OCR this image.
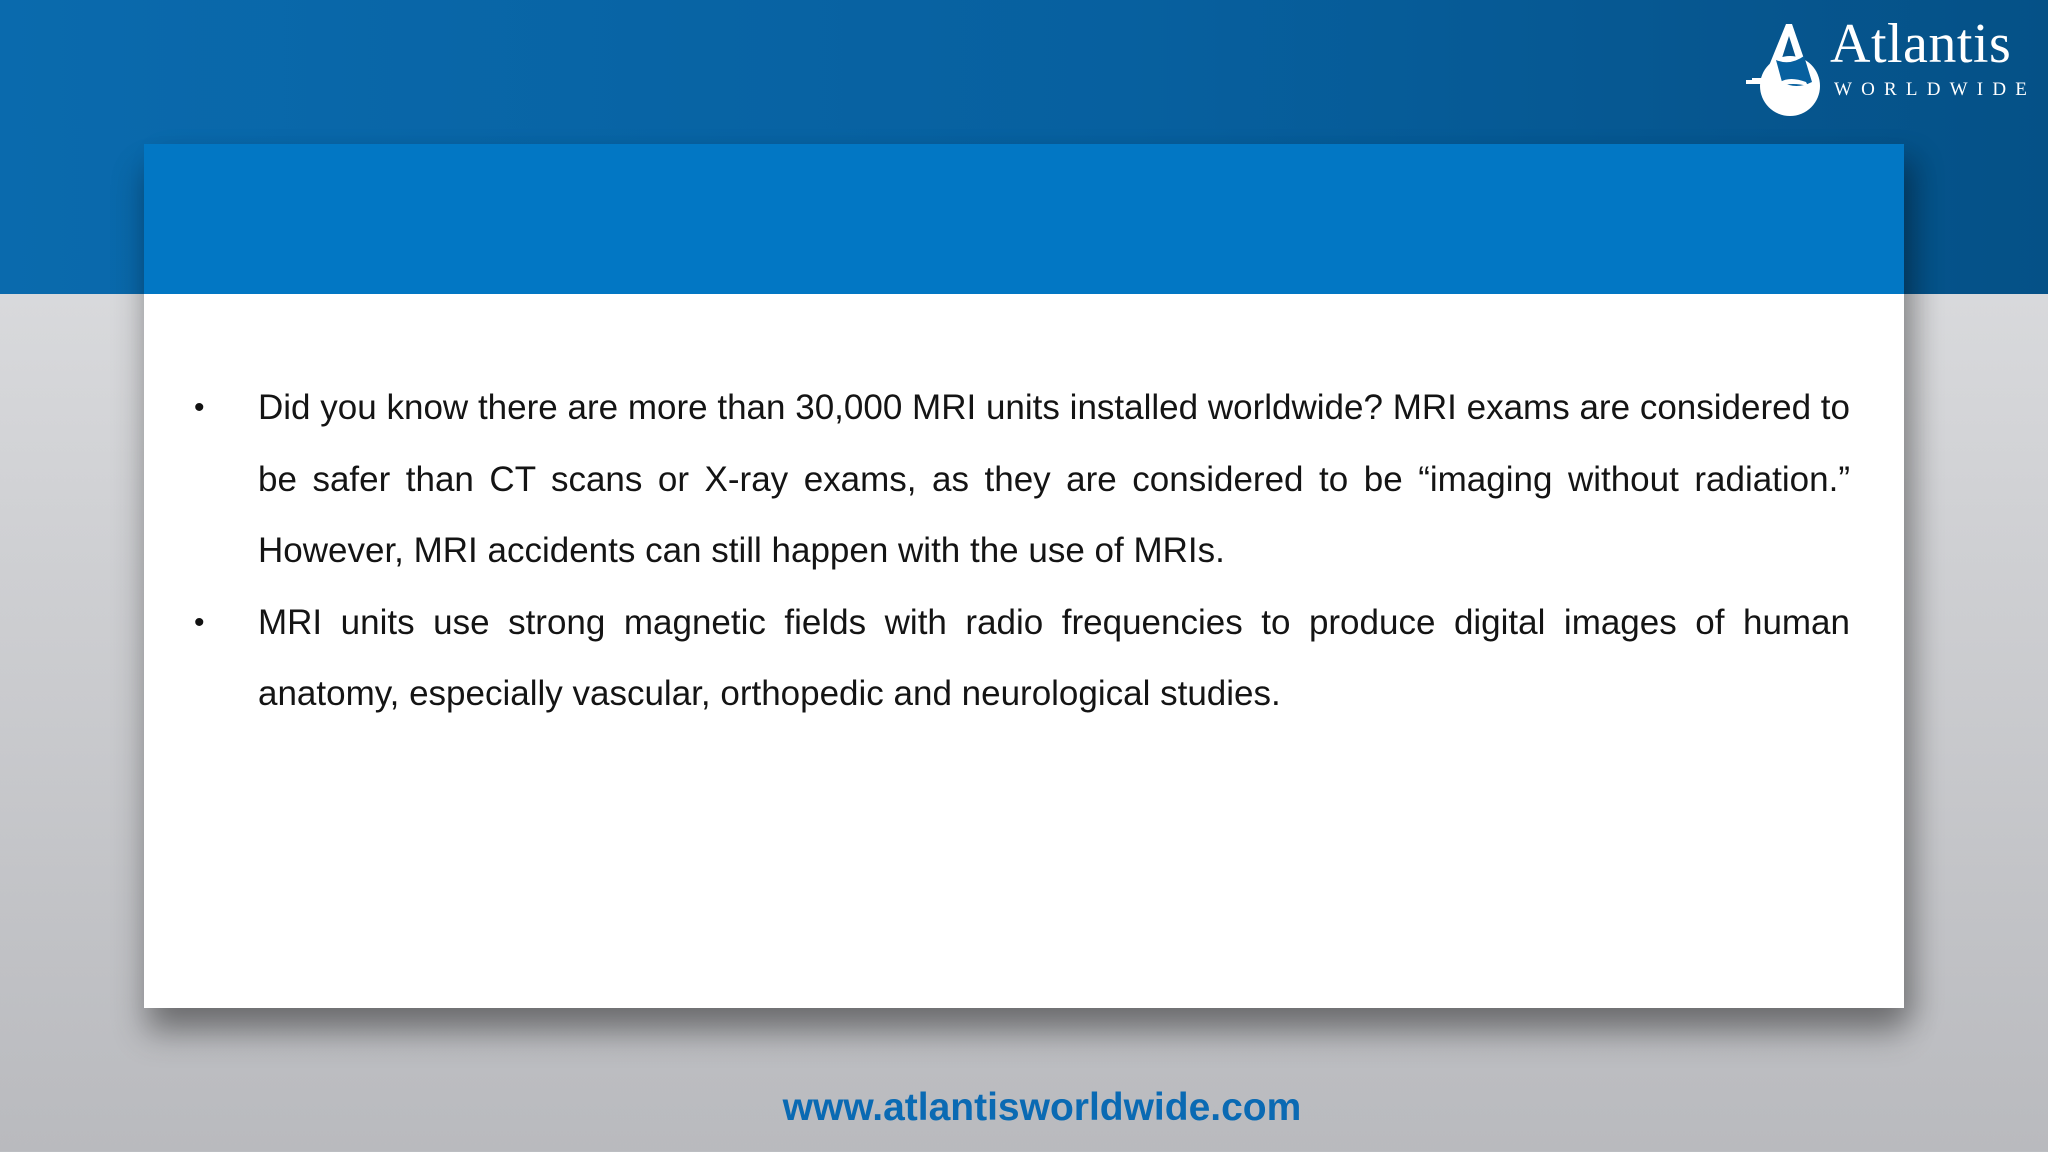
Atlantis
WORLDWIDE
• Did you know there are more than 30,000 MRI units installed worldwide? MRI exams are considered to be safer than CT scans or X-ray exams, as they are considered to be “imaging without radiation.” However, MRI accidents can still happen with the use of MRIs.
• MRI units use strong magnetic fields with radio frequencies to produce digital images of human anatomy, especially vascular, orthopedic and neurological studies.
www.atlantisworldwide.com
